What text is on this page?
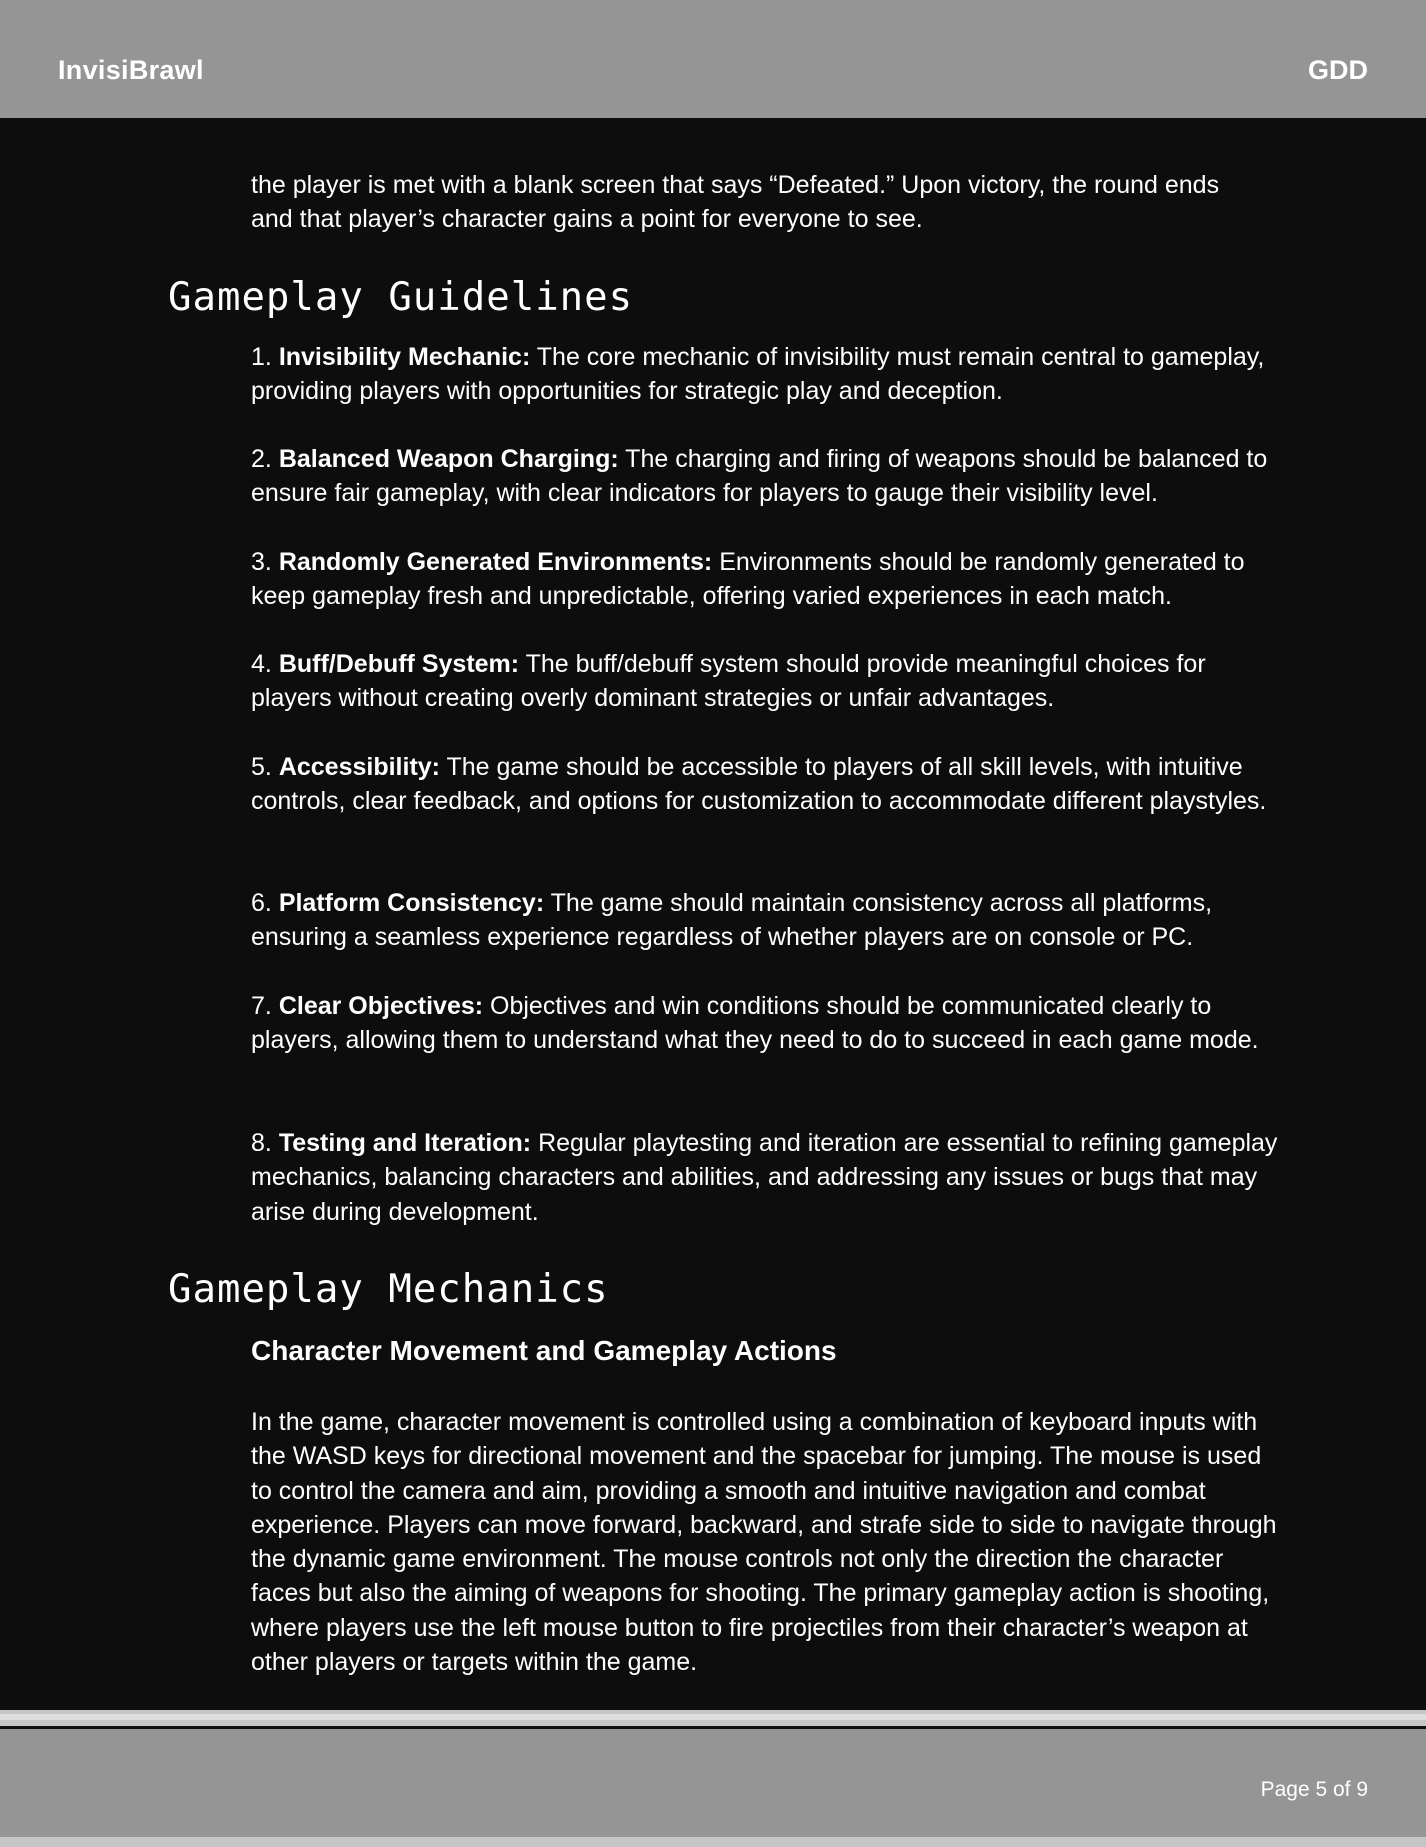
InvisiBrawl	GDD

the player is met with a blank screen that says “Defeated.” Upon victory, the round ends
and that player’s character gains a point for everyone to see.

Gameplay Guidelines

1. Invisibility Mechanic: The core mechanic of invisibility must remain central to gameplay, providing players with opportunities for strategic play and deception.

2. Balanced Weapon Charging: The charging and firing of weapons should be balanced to ensure fair gameplay, with clear indicators for players to gauge their visibility level.

3. Randomly Generated Environments: Environments should be randomly generated to keep gameplay fresh and unpredictable, offering varied experiences in each match.

4. Buff/Debuff System: The buff/debuff system should provide meaningful choices for players without creating overly dominant strategies or unfair advantages.

5. Accessibility: The game should be accessible to players of all skill levels, with intuitive controls, clear feedback, and options for customization to accommodate different playstyles.

6. Platform Consistency: The game should maintain consistency across all platforms, ensuring a seamless experience regardless of whether players are on console or PC.

7. Clear Objectives: Objectives and win conditions should be communicated clearly to players, allowing them to understand what they need to do to succeed in each game mode.

8. Testing and Iteration: Regular playtesting and iteration are essential to refining gameplay mechanics, balancing characters and abilities, and addressing any issues or bugs that may arise during development.

Gameplay Mechanics
Character Movement and Gameplay Actions

In the game, character movement is controlled using a combination of keyboard inputs with the WASD keys for directional movement and the spacebar for jumping. The mouse is used to control the camera and aim, providing a smooth and intuitive navigation and combat experience. Players can move forward, backward, and strafe side to side to navigate through the dynamic game environment. The mouse controls not only the direction the character faces but also the aiming of weapons for shooting. The primary gameplay action is shooting, where players use the left mouse button to fire projectiles from their character’s weapon at other players or targets within the game.

Page 5 of 9
